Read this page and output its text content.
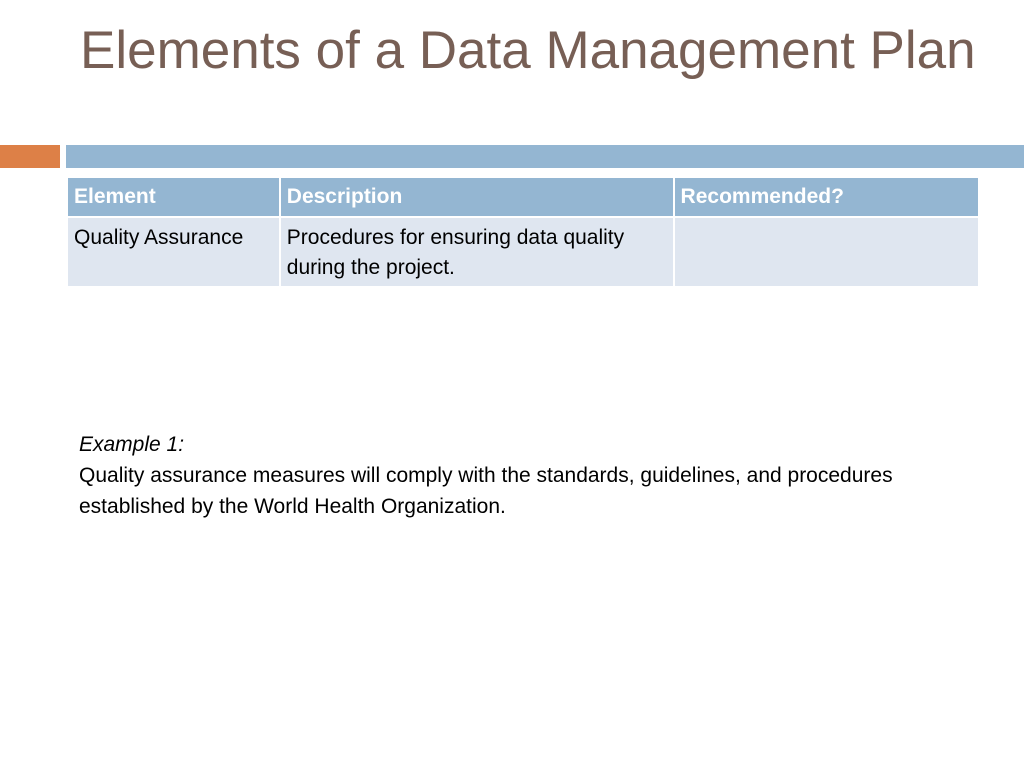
Elements of a Data Management Plan
Element	Description	Recommended?
Quality Assurance	Procedures for ensuring data quality during the project.	
Example 1:
Quality assurance measures will comply with the standards, guidelines, and procedures established by the World Health Organization.
